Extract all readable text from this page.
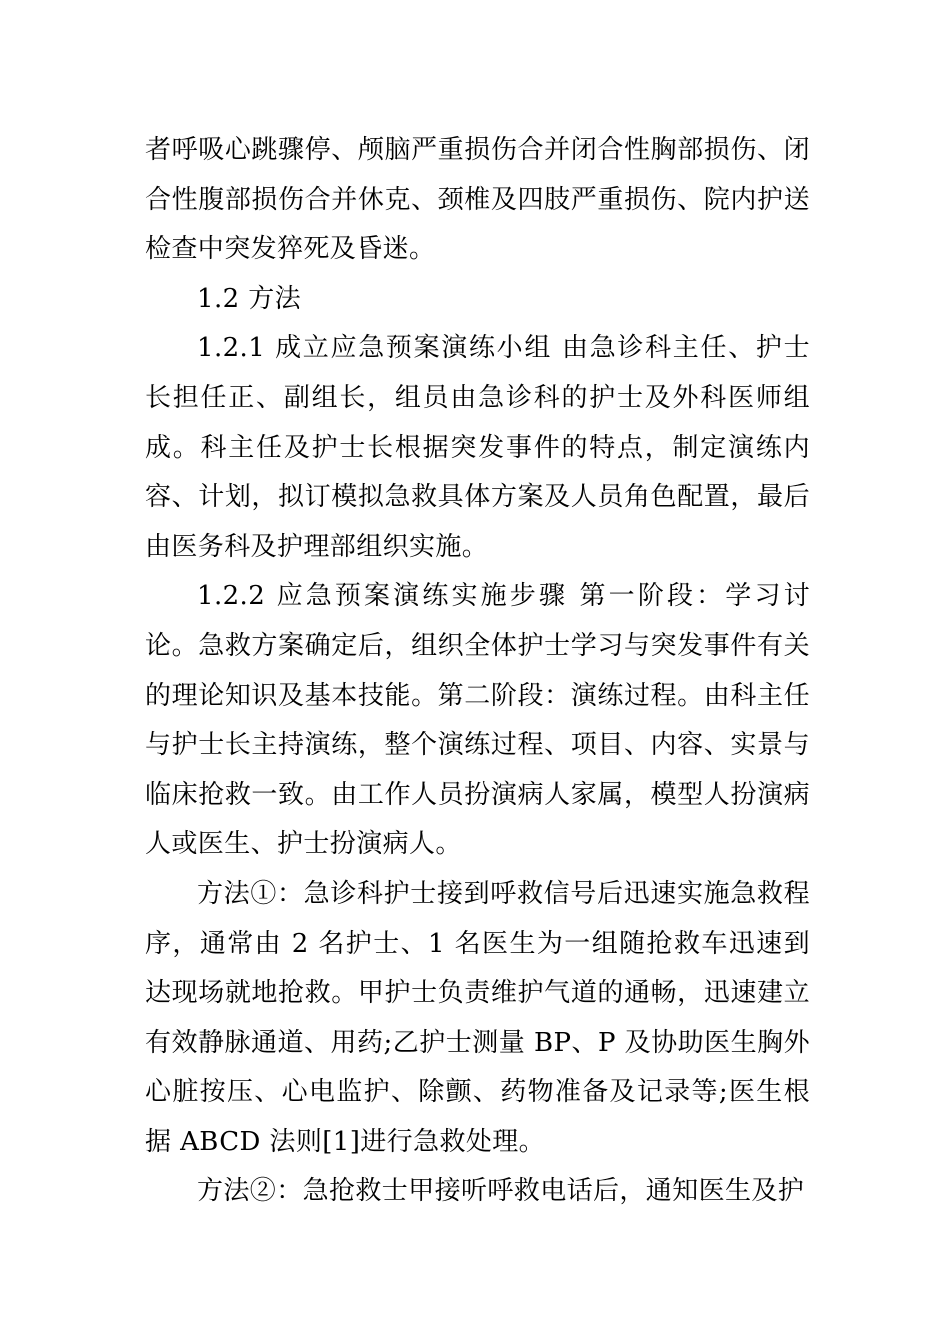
者呼吸心跳骤停、颅脑严重损伤合并闭合性胸部损伤、闭合性腹部损伤合并休克、颈椎及四肢严重损伤、院内护送检查中突发猝死及昏迷。

1.2 方法

1.2.1 成立应急预案演练小组 由急诊科主任、护士长担任正、副组长，组员由急诊科的护士及外科医师组成。科主任及护士长根据突发事件的特点，制定演练内容、计划，拟订模拟急救具体方案及人员角色配置，最后由医务科及护理部组织实施。

1.2.2 应急预案演练实施步骤 第一阶段：学习讨论。急救方案确定后，组织全体护士学习与突发事件有关的理论知识及基本技能。第二阶段：演练过程。由科主任与护士长主持演练，整个演练过程、项目、内容、实景与临床抢救一致。由工作人员扮演病人家属，模型人扮演病人或医生、护士扮演病人。

方法①：急诊科护士接到呼救信号后迅速实施急救程序，通常由 2 名护士、1 名医生为一组随抢救车迅速到达现场就地抢救。甲护士负责维护气道的通畅，迅速建立有效静脉通道、用药;乙护士测量 BP、P 及协助医生胸外心脏按压、心电监护、除颤、药物准备及记录等;医生根据 ABCD 法则[1]进行急救处理。

方法②：急抢救士甲接听呼救电话后，通知医生及护
